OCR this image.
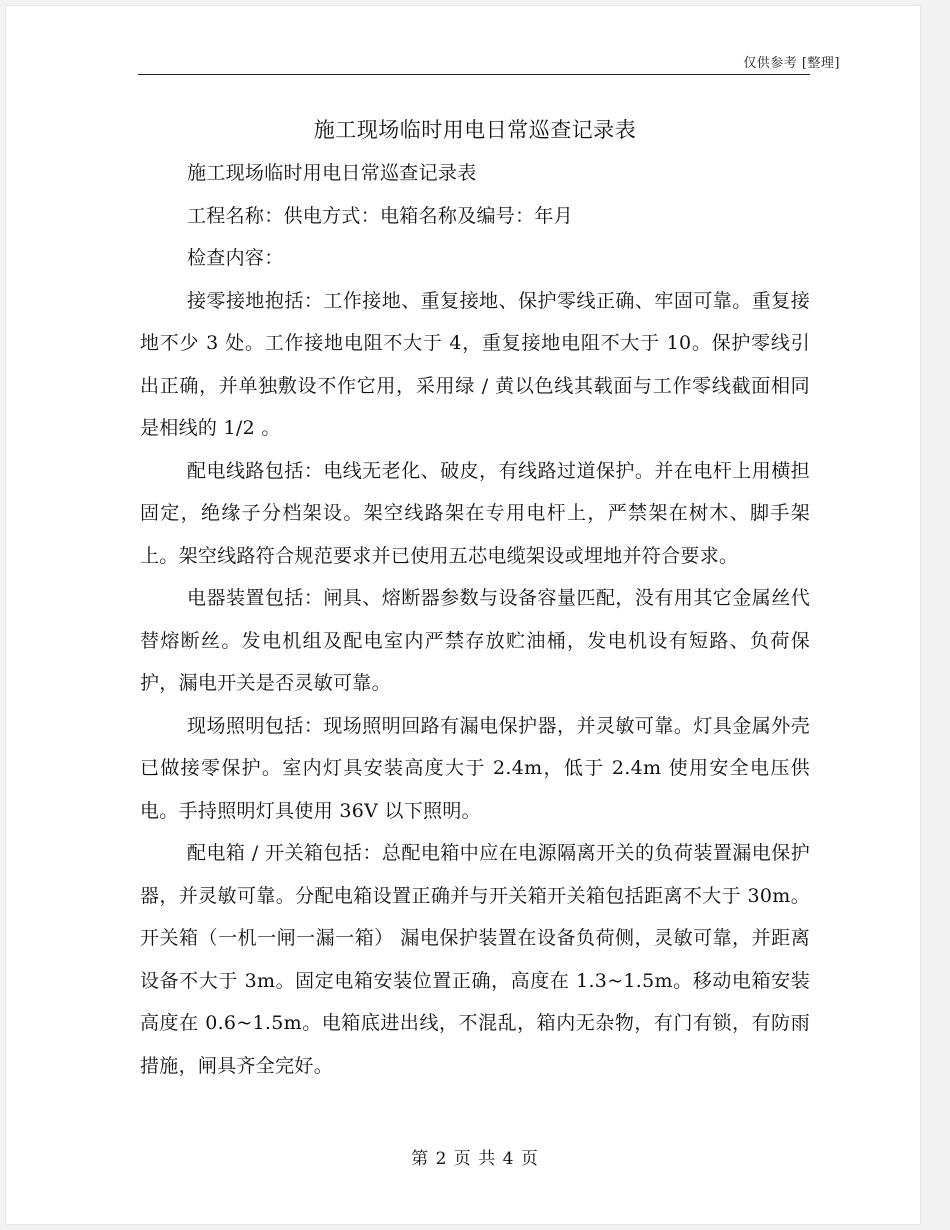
仅供参考 [整理]
施工现场临时用电日常巡查记录表

施工现场临时用电日常巡查记录表

工程名称：供电方式：电箱名称及编号：年月

检查内容：

接零接地抱括：工作接地、重复接地、保护零线正确、牢固可靠。重复接地不少 3 处。工作接地电阻不大于 4，重复接地电阻不大于 10。保护零线引出正确，并单独敷设不作它用，采用绿 / 黄以色线其载面与工作零线截面相同是相线的 1/2 。

配电线路包括：电线无老化、破皮，有线路过道保护。并在电杆上用横担固定，绝缘子分档架设。架空线路架在专用电杆上，严禁架在树木、脚手架上。架空线路符合规范要求并已使用五芯电缆架设或埋地并符合要求。

电器装置包括：闸具、熔断器参数与设备容量匹配，没有用其它金属丝代替熔断丝。发电机组及配电室内严禁存放贮油桶，发电机设有短路、负荷保护，漏电开关是否灵敏可靠。

现场照明包括：现场照明回路有漏电保护器，并灵敏可靠。灯具金属外壳已做接零保护。室内灯具安装高度大于 2.4m，低于 2.4m 使用安全电压供电。手持照明灯具使用 36V 以下照明。

配电箱 / 开关箱包括：总配电箱中应在电源隔离开关的负荷装置漏电保护器，并灵敏可靠。分配电箱设置正确并与开关箱开关箱包括距离不大于 30m。开关箱（一机一闸一漏一箱） 漏电保护装置在设备负荷侧，灵敏可靠，并距离设备不大于 3m。固定电箱安装位置正确，高度在 1.3~1.5m。移动电箱安装高度在 0.6~1.5m。电箱底进出线，不混乱，箱内无杂物，有门有锁，有防雨措施，闸具齐全完好。

第 2 页 共 4 页
